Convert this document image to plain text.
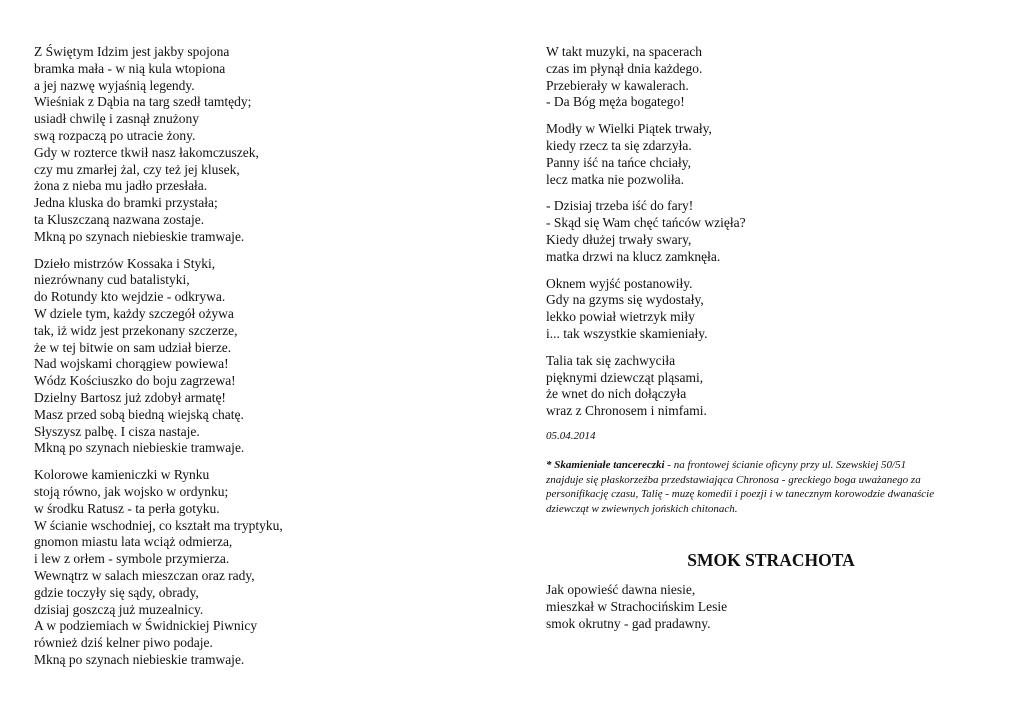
Z Świętym Idzim jest jakby spojona
bramka mała - w nią kula wtopiona
a jej nazwę wyjaśnią legendy.
Wieśniak z Dąbia na targ szedł tamtędy;
usiadł chwilę i zasnął znużony
swą rozpaczą po utracie żony.
Gdy w rozterce tkwił nasz łakomczuszek,
czy mu zmarłej żal, czy też jej klusek,
żona z nieba mu jadło przesłała.
Jedna kluska do bramki przystała;
ta Kluszczaną nazwana zostaje.
Mkną po szynach niebieskie tramwaje.
Dzieło mistrzów Kossaka i Styki,
niezrównany cud batalistyki,
do Rotundy kto wejdzie - odkrywa.
W dziele tym, każdy szczegół ożywa
tak, iż widz jest przekonany szczerze,
że w tej bitwie on sam udział bierze.
Nad wojskami chorągiew powiewa!
Wódz Kościuszko do boju zagrzewa!
Dzielny Bartosz już zdobył armatę!
Masz przed sobą biedną wiejską chatę.
Słyszysz palbę. I cisza nastaje.
Mkną po szynach niebieskie tramwaje.
Kolorowe kamieniczki w Rynku
stoją równo, jak wojsko w ordynku;
w środku Ratusz - ta perła gotyku.
W ścianie wschodniej, co kształt ma tryptyku,
gnomon miastu lata wciąż odmierza,
i lew z orłem - symbole przymierza.
Wewnątrz w salach mieszczan oraz rady,
gdzie toczyły się sądy, obrady,
dzisiaj goszczą już muzealnicy.
A w podziemiach w Świdnickiej Piwnicy
również dziś kelner piwo podaje.
Mkną po szynach niebieskie tramwaje.
W takt muzyki, na spacerach
czas im płynął dnia każdego.
Przebierały w kawalerach.
- Da Bóg męża bogatego!
Modły w Wielki Piątek trwały,
kiedy rzecz ta się zdarzyła.
Panny iść na tańce chciały,
lecz matka nie pozwoliła.
- Dzisiaj trzeba iść do fary!
- Skąd się Wam chęć tańców wzięła?
Kiedy dłużej trwały swary,
matka drzwi na klucz zamknęła.
Oknem wyjść postanowiły.
Gdy na gzyms się wydostały,
lekko powiał wietrzyk miły
i... tak wszystkie skamieniały.
Talia tak się zachwyciła
pięknymi dziewcząt pląsami,
że wnet do nich dołączyła
wraz z Chronosem i nimfami.
05.04.2014
* Skamieniałe tancereczki - na frontowej ścianie oficyny przy ul. Szewskiej 50/51
znajduje się płaskorzeźba przedstawiająca Chronosa - greckiego boga uważanego za
personifikację czasu, Talię - muzę komedii i poezji i w tanecznym korowodzie dwanaście
dziewcząt w zwiewnych jońskich chitonach.
SMOK STRACHOTA
Jak opowieść dawna niesie,
mieszkał w Strachocińskim Lesie
smok okrutny - gad pradawny.
